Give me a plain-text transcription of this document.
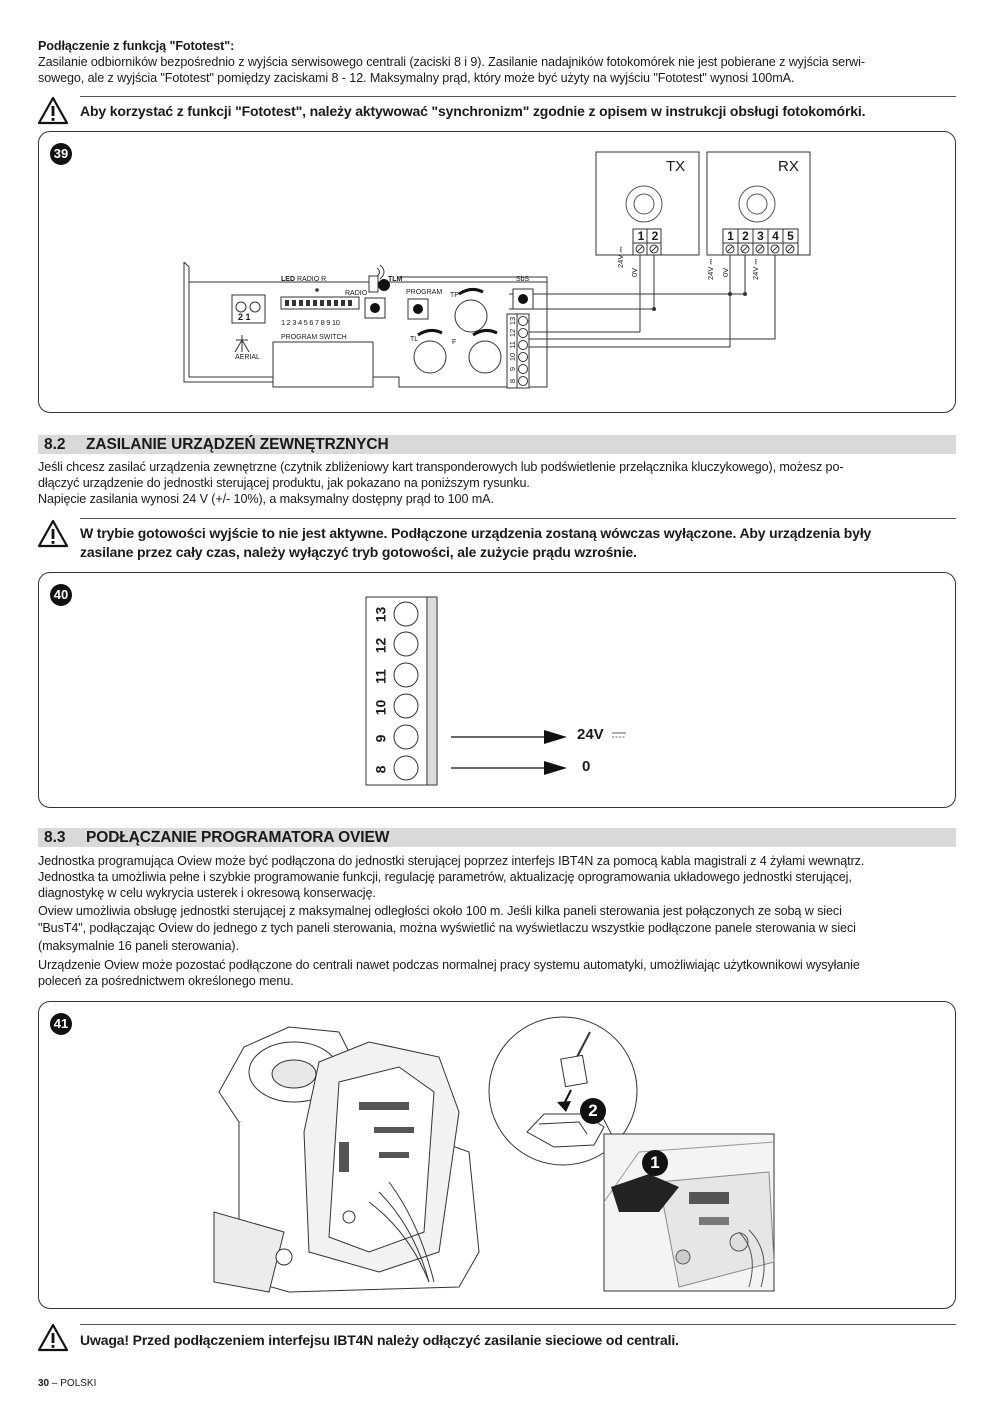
Podłączenie z funkcją "Fototest":
Zasilanie odbiorników bezpośrednio z wyjścia serwisowego centrali (zaciski 8 i 9). Zasilanie nadajników fotokomórek nie jest pobierane z wyjścia serwi-
sowego, ale z wyjścia "Fototest" pomiędzy zaciskami 8 - 12. Maksymalny prąd, który może być użyty na wyjściu "Fototest" wynosi 100mA.
Aby korzystać z funkcji "Fototest", należy aktywować "synchronizm" zgodnie z opisem w instrukcji obsługi fotokomórki.
39
TX	RX
1 2	1 2 3 4 5
24V ⎓
0V	24V ⎓ 0V	24V ⎓
LED RADIO R
RADIO
TLM
PROGRAM TP
TL	F
SbS
2 1
AERIAL
1 2 3 4 5 6 7 8 9 10
PROGRAM SWITCH
13
12
11
10
9
8
8.2 ZASILANIE URZĄDZEŃ ZEWNĘTRZNYCH
Jeśli chcesz zasilać urządzenia zewnętrzne (czytnik zbliżeniowy kart transponderowych lub podświetlenie przełącznika kluczykowego), możesz po-
dłączyć urządzenie do jednostki sterującej produktu, jak pokazano na poniższym rysunku.
Napięcie zasilania wynosi 24 V (+/- 10%), a maksymalny dostępny prąd to 100 mA.
W trybie gotowości wyjście to nie jest aktywne. Podłączone urządzenia zostaną wówczas wyłączone. Aby urządzenia były
zasilane przez cały czas, należy wyłączyć tryb gotowości, ale zużycie prądu wzrośnie.
40
13
12
11
10
9
8
24V
0
8.3 PODŁĄCZANIE PROGRAMATORA OVIEW
Jednostka programująca Oview może być podłączona do jednostki sterującej poprzez interfejs IBT4N za pomocą kabla magistrali z 4 żyłami wewnątrz.
Jednostka ta umożliwia pełne i szybkie programowanie funkcji, regulację parametrów, aktualizację oprogramowania układowego jednostki sterującej,
diagnostykę w celu wykrycia usterek i okresową konserwację.
Oview umożliwia obsługę jednostki sterującej z maksymalnej odległości około 100 m. Jeśli kilka paneli sterowania jest połączonych ze sobą w sieci
"BusT4", podłączając Oview do jednego z tych paneli sterowania, można wyświetlić na wyświetlaczu wszystkie podłączone panele sterowania w sieci
(maksymalnie 16 paneli sterowania).
Urządzenie Oview może pozostać podłączone do centrali nawet podczas normalnej pracy systemu automatyki, umożliwiając użytkownikowi wysyłanie
poleceń za pośrednictwem określonego menu.
41
2
1
Uwaga! Przed podłączeniem interfejsu IBT4N należy odłączyć zasilanie sieciowe od centrali.
30 – POLSKI
